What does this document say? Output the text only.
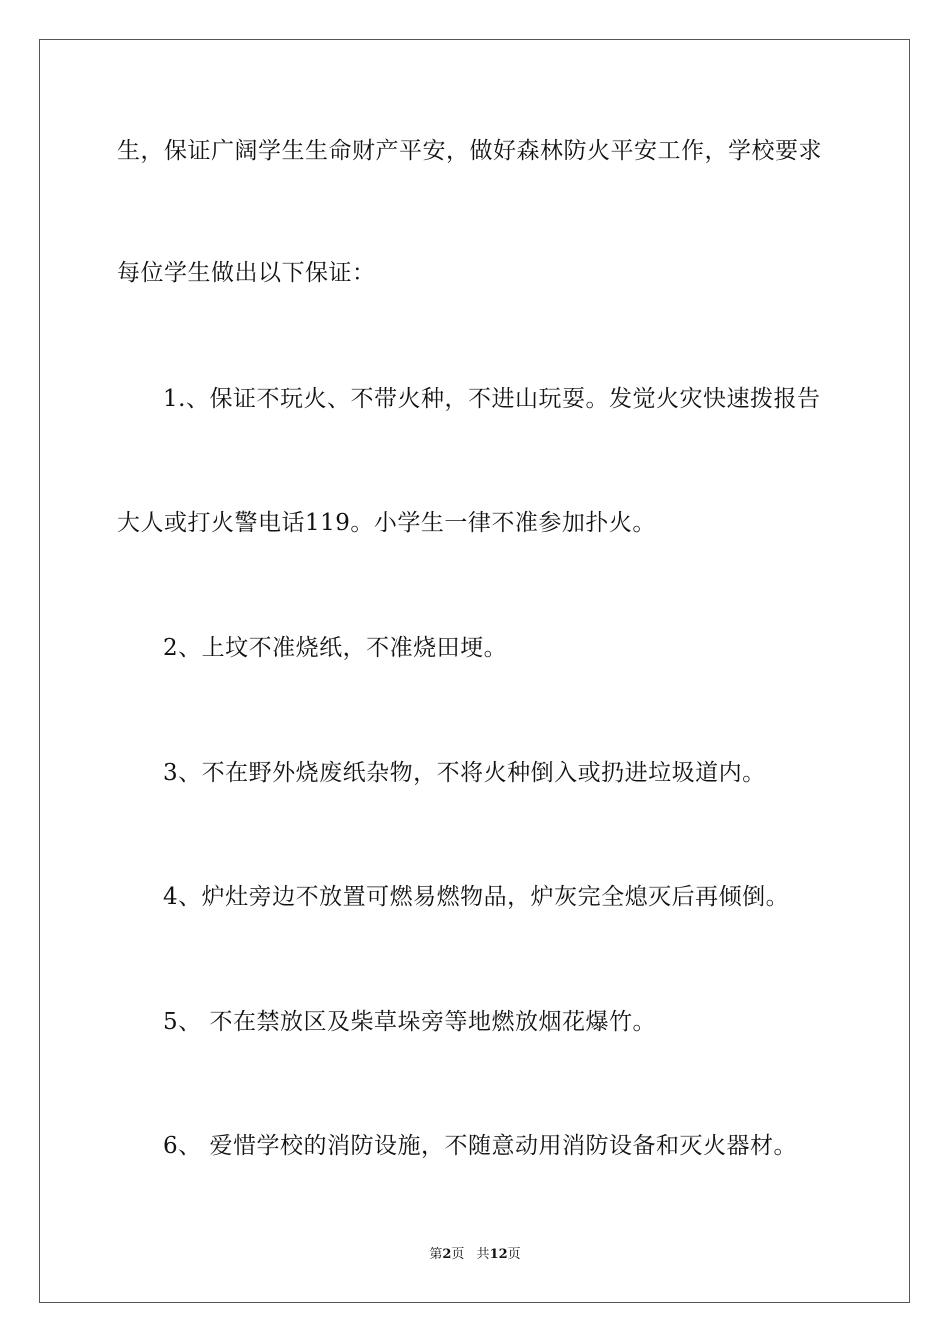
生，保证广阔学生生命财产平安，做好森林防火平安工作，学校要求
每位学生做出以下保证：
1.、保证不玩火、不带火种，不进山玩耍。发觉火灾快速拨报告
大人或打火警电话119。小学生一律不准参加扑火。
2、上坟不准烧纸，不准烧田埂。
3、不在野外烧废纸杂物，不将火种倒入或扔进垃圾道内。
4、炉灶旁边不放置可燃易燃物品，炉灰完全熄灭后再倾倒。
5、 不在禁放区及柴草垛旁等地燃放烟花爆竹。
6、 爱惜学校的消防设施，不随意动用消防设备和灭火器材。
第2页 共12页
